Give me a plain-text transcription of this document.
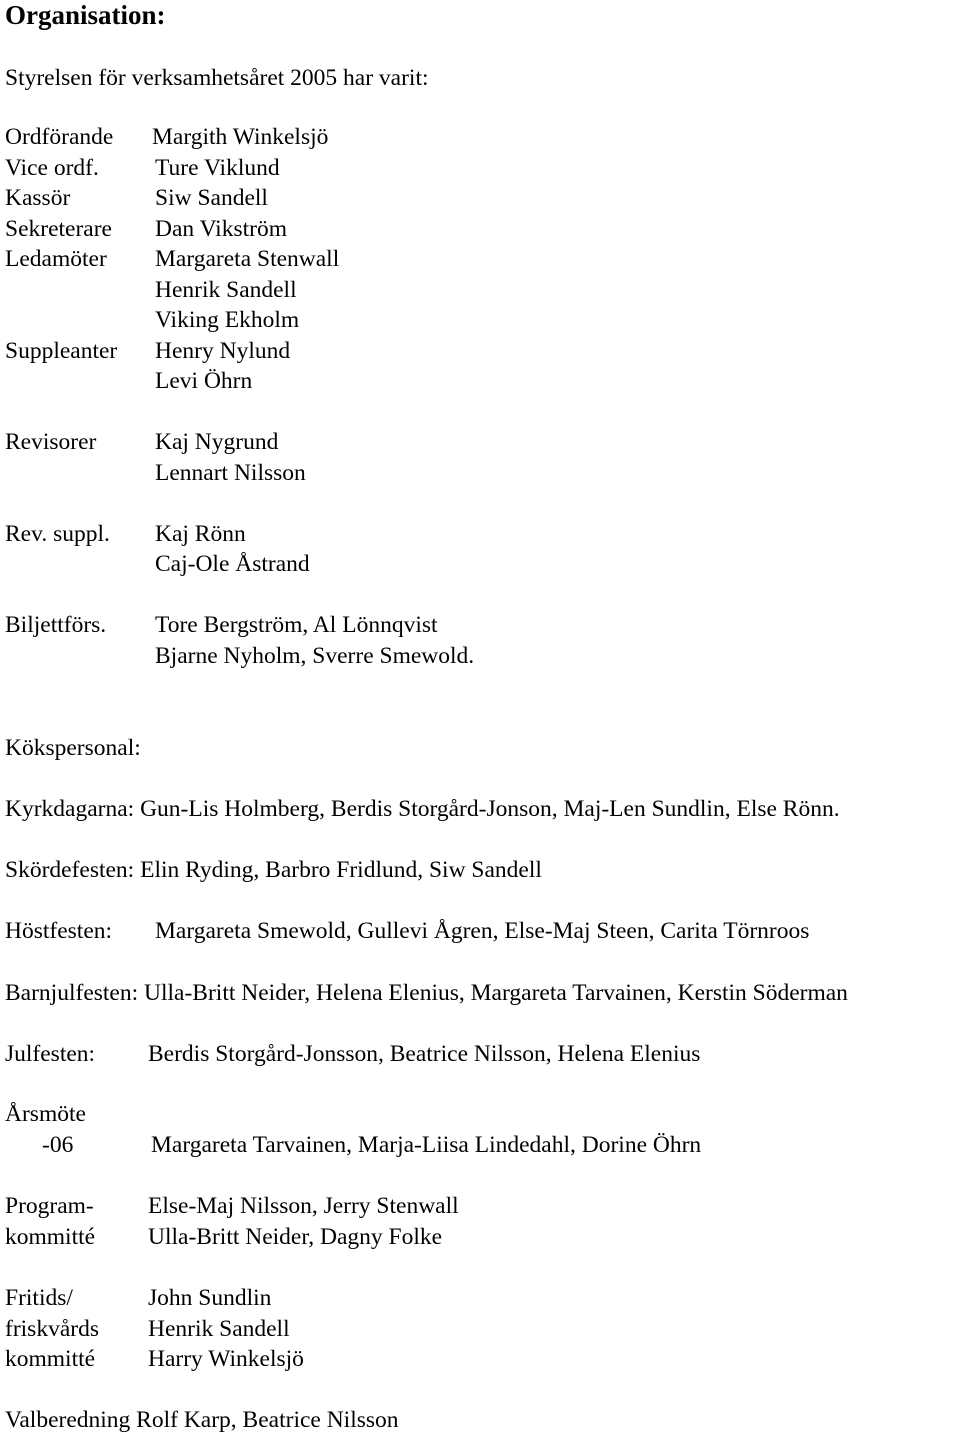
Organisation:
Styrelsen för verksamhetsåret 2005 har varit:
Ordförande Margith Winkelsjö
Vice ordf. Ture Viklund
Kassör	Siw Sandell
Sekreterare Dan Vikström
Ledamöter Margareta Stenwall
Henrik Sandell
Viking Ekholm
Suppleanter Henry Nylund
Levi Öhrn
Revisorer Kaj Nygrund
Lennart Nilsson
Rev. suppl. Kaj Rönn
Caj-Ole Åstrand
Biljettförs. Tore Bergström, Al Lönnqvist
Bjarne Nyholm, Sverre Smewold.
Kökspersonal:
Kyrkdagarna: Gun-Lis Holmberg, Berdis Storgård-Jonson, Maj-Len Sundlin, Else Rönn.
Skördefesten: Elin Ryding, Barbro Fridlund, Siw Sandell
Höstfesten: Margareta Smewold, Gullevi Ågren, Else-Maj Steen, Carita Törnroos
Barnjulfesten: Ulla-Britt Neider, Helena Elenius, Margareta Tarvainen, Kerstin Söderman
Julfesten: Berdis Storgård-Jonsson, Beatrice Nilsson, Helena Elenius
Årsmöte
-06	Margareta Tarvainen, Marja-Liisa Lindedahl, Dorine Öhrn
Program-
kommitté
Else-Maj Nilsson, Jerry Stenwall
Ulla-Britt Neider, Dagny Folke
Fritids/
friskvårds
kommitté
John Sundlin
Henrik Sandell
Harry Winkelsjö
Valberedning Rolf Karp, Beatrice Nilsson
